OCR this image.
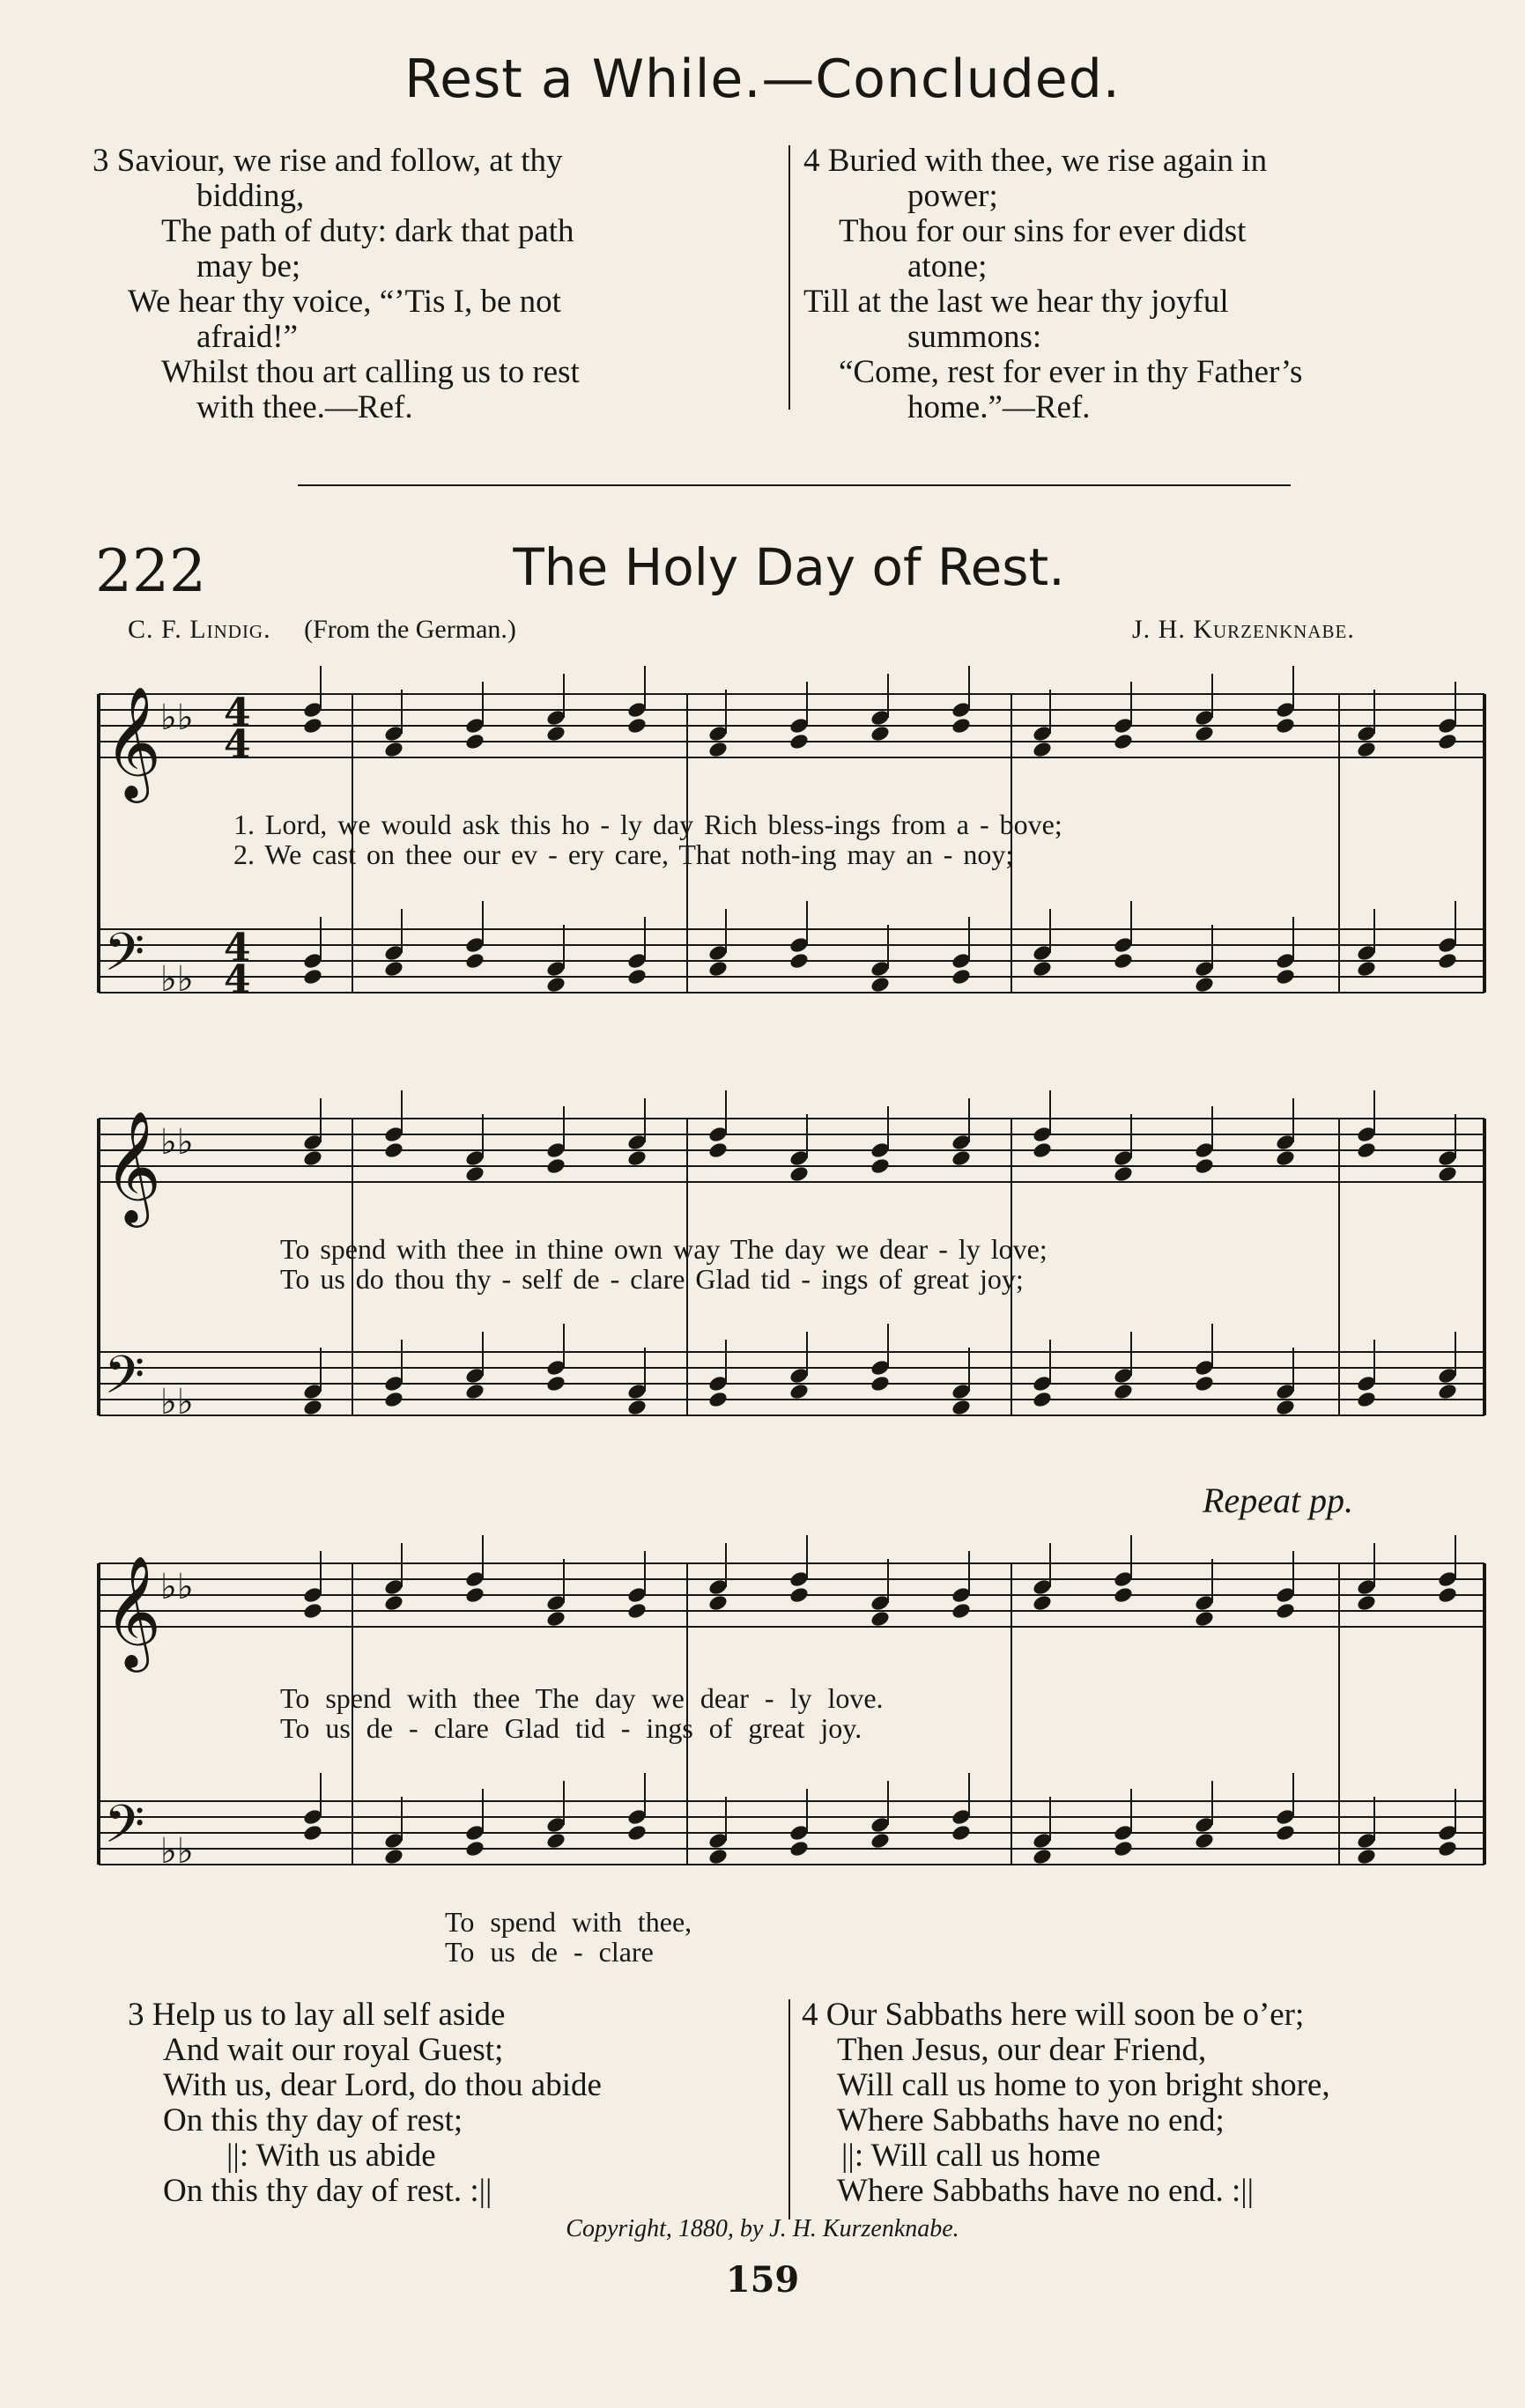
Rest a While.—Concluded.
3 Saviour, we rise and follow, at thy
bidding,
The path of duty: dark that path
may be;
We hear thy voice, “’Tis I, be not
afraid!”
Whilst thou art calling us to rest
with thee.—Ref.
4 Buried with thee, we rise again in
power;
Thou for our sins for ever didst
atone;
Till at the last we hear thy joyful
summons:
“Come, rest for ever in thy Father’s
home.”—Ref.
222	The Holy Day of Rest.
C. F. Lindig. (From the German.)	J. H. Kurzenknabe.
𝄞
𝄢
♭♭
♭♭
4
4
4
4
𝄞
𝄢
♭♭
♭♭
𝄞
𝄢
♭♭
♭♭
1. Lord, we would ask this ho - ly day Rich bless-ings from a - bove;
2. We cast on thee our ev - ery care, That noth-ing may an - noy;
To spend with thee in thine own way The day we dear - ly love;
To us do thou thy - self de - clare Glad tid - ings of great joy;
Repeat pp.
To spend with thee The day we dear - ly love.
To us de - clare Glad tid - ings of great joy.
To spend with thee,
To us de - clare
3 Help us to lay all self aside
And wait our royal Guest;
With us, dear Lord, do thou abide
On this thy day of rest;
||: With us abide
On this thy day of rest. :||
4 Our Sabbaths here will soon be o’er;
Then Jesus, our dear Friend,
Will call us home to yon bright shore,
Where Sabbaths have no end;
||: Will call us home
Where Sabbaths have no end. :||
Copyright, 1880, by J. H. Kurzenknabe.
159
